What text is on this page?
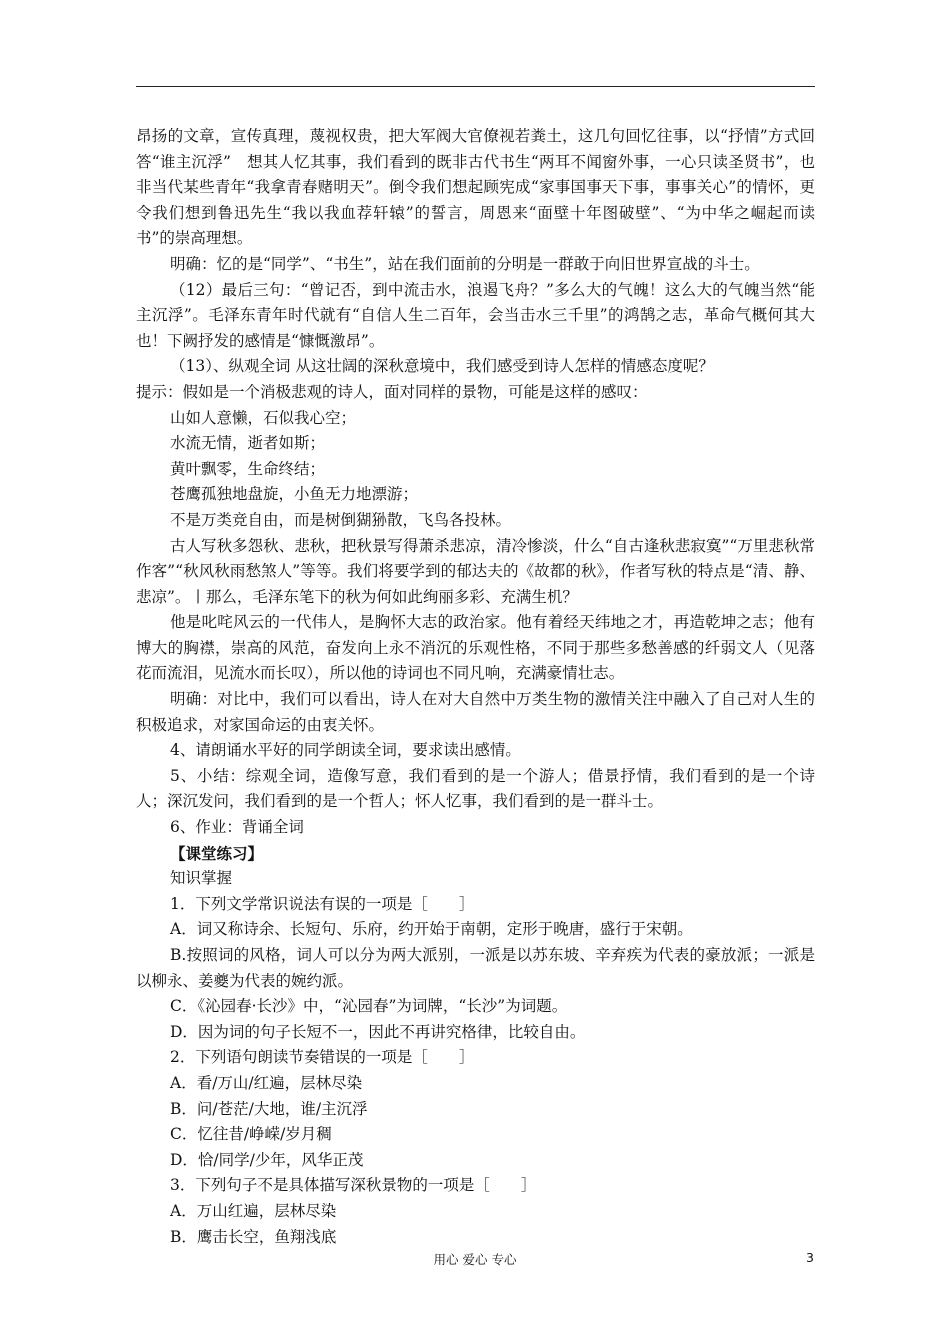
昂扬的文章，宣传真理，蔑视权贵，把大军阀大官僚视若粪土，这几句回忆往事，以“抒情”方式回答“谁主沉浮”　想其人忆其事，我们看到的既非古代书生“两耳不闻窗外事，一心只读圣贤书”，也非当代某些青年“我拿青春赌明天”。倒令我们想起顾宪成“家事国事天下事，事事关心”的情怀，更令我们想到鲁迅先生“我以我血荐轩辕”的誓言，周恩来“面壁十年图破壁”、“为中华之崛起而读书”的崇高理想。

明确：忆的是“同学”、“书生”，站在我们面前的分明是一群敢于向旧世界宣战的斗士。

（12）最后三句：“曾记否，到中流击水，浪遏飞舟？”多么大的气魄！这么大的气魄当然“能主沉浮”。毛泽东青年时代就有“自信人生二百年，会当击水三千里”的鸿鹄之志，革命气概何其大也！下阙抒发的感情是“慷慨激昂”。

（13）、纵观全词 从这壮阔的深秋意境中，我们感受到诗人怎样的情感态度呢？

提示：假如是一个消极悲观的诗人，面对同样的景物，可能是这样的感叹：

山如人意懒，石似我心空；

水流无情，逝者如斯；

黄叶飘零，生命终结；

苍鹰孤独地盘旋，小鱼无力地漂游；

不是万类竞自由，而是树倒猢狲散，飞鸟各投林。

古人写秋多怨秋、悲秋，把秋景写得萧杀悲凉，清冷惨淡，什么“自古逢秋悲寂寞”“万里悲秋常作客”“秋风秋雨愁煞人”等等。我们将要学到的郁达夫的《故都的秋》，作者写秋的特点是“清、静、悲凉”。丨那么，毛泽东笔下的秋为何如此绚丽多彩、充满生机？

他是叱咤风云的一代伟人，是胸怀大志的政治家。他有着经天纬地之才，再造乾坤之志；他有博大的胸襟，崇高的风范，奋发向上永不消沉的乐观性格，不同于那些多愁善感的纤弱文人（见落花而流泪，见流水而长叹），所以他的诗词也不同凡响，充满豪情壮志。

明确：对比中，我们可以看出，诗人在对大自然中万类生物的激情关注中融入了自己对人生的积极追求，对家国命运的由衷关怀。

4、请朗诵水平好的同学朗读全词，要求读出感情。

5、小结：综观全词，造像写意，我们看到的是一个游人；借景抒情，我们看到的是一个诗人；深沉发问，我们看到的是一个哲人；怀人忆事，我们看到的是一群斗士。

6、作业：背诵全词

【课堂练习】

知识掌握

1．下列文学常识说法有误的一项是［　　］

A．词又称诗余、长短句、乐府，约开始于南朝，定形于晚唐，盛行于宋朝。

B.按照词的风格，词人可以分为两大派别，一派是以苏东坡、辛弃疾为代表的豪放派；一派是以柳永、姜夔为代表的婉约派。

C．《沁园春·长沙》中，“沁园春”为词牌，“长沙”为词题。

D．因为词的句子长短不一，因此不再讲究格律，比较自由。

2．下列语句朗读节奏错误的一项是［　　］

A．看/万山/红遍，层林尽染

B．问/苍茫/大地，谁/主沉浮

C．忆往昔/峥嵘/岁月稠

D．恰/同学/少年，风华正茂

3．下列句子不是具体描写深秋景物的一项是［　　］

A．万山红遍，层林尽染

B．鹰击长空，鱼翔浅底

用心 爱心 专心	3
